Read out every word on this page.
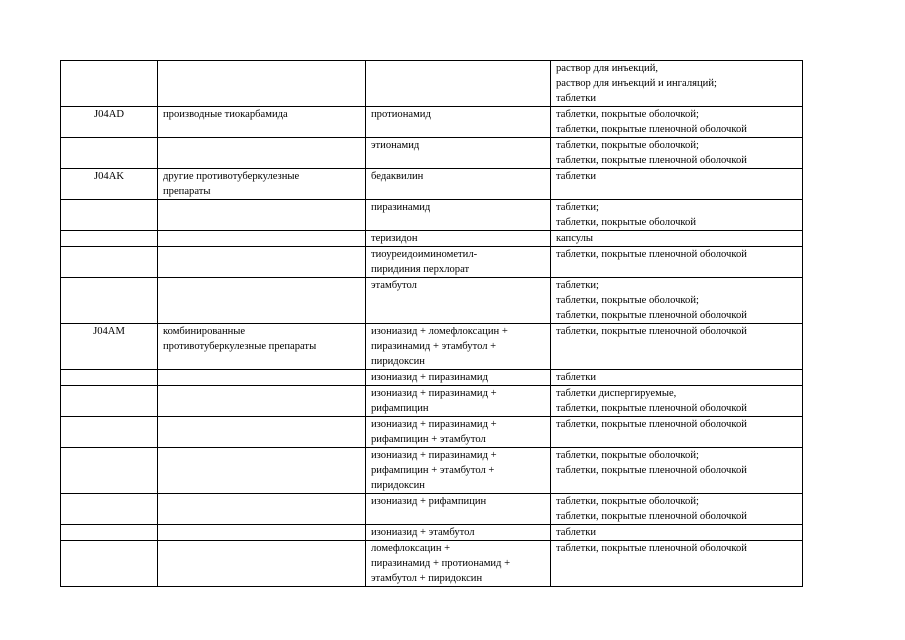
			раствор для инъекций,
раствор для инъекций и ингаляций;
таблетки

J04AD	производные тиокарбамида	протионамид	таблетки, покрытые оболочкой;
таблетки, покрытые пленочной оболочкой

		этионамид	таблетки, покрытые оболочкой;
таблетки, покрытые пленочной оболочкой

J04AK	другие противотуберкулезные
препараты	бедаквилин	таблетки

		пиразинамид	таблетки;
таблетки, покрытые оболочкой

		теризидон	капсулы

		тиоуреидоиминометил-
пиридиния перхлорат	таблетки, покрытые пленочной оболочкой

		этамбутол	таблетки;
таблетки, покрытые оболочкой;
таблетки, покрытые пленочной оболочкой

J04AM	комбинированные
противотуберкулезные препараты	изониазид + ломефлоксацин +
пиразинамид + этамбутол +
пиридоксин	таблетки, покрытые пленочной оболочкой

		изониазид + пиразинамид	таблетки

		изониазид + пиразинамид +
рифампицин	таблетки диспергируемые,
таблетки, покрытые пленочной оболочкой

		изониазид + пиразинамид +
рифампицин + этамбутол	таблетки, покрытые пленочной оболочкой

		изониазид + пиразинамид +
рифампицин + этамбутол +
пиридоксин	таблетки, покрытые оболочкой;
таблетки, покрытые пленочной оболочкой

		изониазид + рифампицин	таблетки, покрытые оболочкой;
таблетки, покрытые пленочной оболочкой

		изониазид + этамбутол	таблетки

		ломефлоксацин +
пиразинамид + протионамид +
этамбутол + пиридоксин	таблетки, покрытые пленочной оболочкой
